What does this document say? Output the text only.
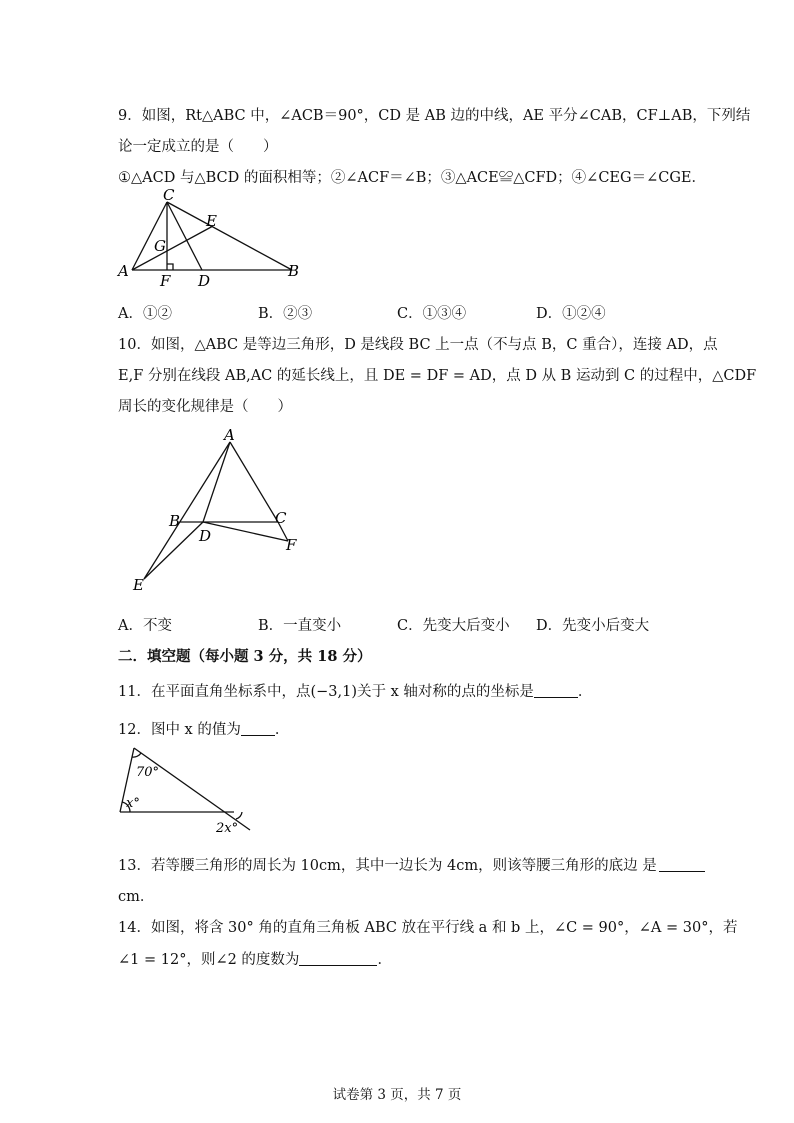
9．如图，Rt△ABC 中，∠ACB＝90°，CD 是 AB 边的中线，AE 平分∠CAB，CF⊥AB，下列结
论一定成立的是（　　）
①△ACD 与△BCD 的面积相等；②∠ACF＝∠B；③△ACE≌△CFD；④∠CEG＝∠CGE．
C
E
G
A
F D
B
A．①②	B．②③	C．①③④	D．①②④
10．如图，△ABC 是等边三角形，D 是线段 BC 上一点（不与点 B，C 重合），连接 AD，点
E,F 分别在线段 AB,AC 的延长线上，且 DE = DF = AD，点 D 从 B 运动到 C 的过程中，△CDF
周长的变化规律是（　　）
A
B	C
D
E
F
A．不变	B．一直变小	C．先变大后变小 D．先变小后变大
二．填空题（每小题 3 分，共 18 分）
11．在平面直角坐标系中，点(−3,1)关于 x 轴对称的点的坐标是	．
12．图中 x 的值为 ．
70°
x°
2x°
13．若等腰三角形的周长为 10cm，其中一边长为 4cm，则该等腰三角形的底边 是
cm．
14．如图，将含 30° 角的直角三角板 ABC 放在平行线 a 和 b 上，∠C = 90°，∠A = 30°，若
∠1 = 12°，则∠2 的度数为	．
试卷第 3 页，共 7 页
